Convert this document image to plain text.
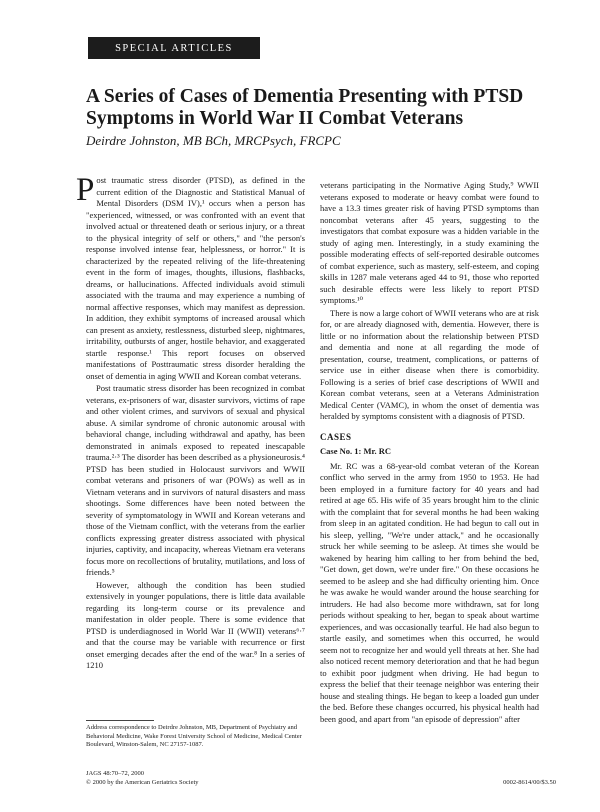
SPECIAL ARTICLES
A Series of Cases of Dementia Presenting with PTSD Symptoms in World War II Combat Veterans
Deirdre Johnston, MB BCh, MRCPsych, FRCPC

Post traumatic stress disorder (PTSD), as defined in the current edition of the Diagnostic and Statistical Manual of Mental Disorders (DSM IV),¹ occurs when a person has "experienced, witnessed, or was confronted with an event that involved actual or threatened death or serious injury, or a threat to the physical integrity of self or others," and "the person's response involved intense fear, helplessness, or horror." It is characterized by the repeated reliving of the life-threatening event in the form of images, thoughts, illusions, flashbacks, dreams, or hallucinations. Affected individuals avoid stimuli associated with the trauma and may experience a numbing of normal affective responses, which may manifest as depression. In addition, they exhibit symptoms of increased arousal which can present as anxiety, restlessness, disturbed sleep, nightmares, irritability, outbursts of anger, hostile behavior, and exaggerated startle response.¹ This report focuses on observed manifestations of Posttraumatic stress disorder heralding the onset of dementia in aging WWII and Korean combat veterans.

Post traumatic stress disorder has been recognized in combat veterans, ex-prisoners of war, disaster survivors, victims of rape and other violent crimes, and survivors of sexual and physical abuse. A similar syndrome of chronic autonomic arousal with behavioral change, including withdrawal and apathy, has been demonstrated in animals exposed to repeated inescapable trauma.²·³ The disorder has been described as a physioneurosis.⁴ PTSD has been studied in Holocaust survivors and WWII combat veterans and prisoners of war (POWs) as well as in Vietnam veterans and in survivors of natural disasters and mass shootings. Some differences have been noted between the severity of symptomatology in WWII and Korean veterans and those of the Vietnam conflict, with the veterans from the earlier conflicts expressing greater distress associated with physical injuries, captivity, and incapacity, whereas Vietnam era veterans focus more on recollections of brutality, mutilations, and loss of friends.⁵

However, although the condition has been studied extensively in younger populations, there is little data available regarding its long-term course or its prevalence and manifestation in older people. There is some evidence that PTSD is underdiagnosed in World War II (WWII) veterans⁶·⁷ and that the course may be variable with recurrence or first onset emerging decades after the end of the war.⁸ In a series of 1210

Address correspondence to Deirdre Johnston, MB, Department of Psychiatry and Behavioral Medicine, Wake Forest University School of Medicine, Medical Center Boulevard, Winston-Salem, NC 27157-1087.

veterans participating in the Normative Aging Study,⁹ WWII veterans exposed to moderate or heavy combat were found to have a 13.3 times greater risk of having PTSD symptoms than noncombat veterans after 45 years, suggesting to the investigators that combat exposure was a hidden variable in the study of aging men. Interestingly, in a study examining the possible moderating effects of self-reported desirable outcomes of combat experience, such as mastery, self-esteem, and coping skills in 1287 male veterans aged 44 to 91, those who reported such desirable effects were less likely to report PTSD symptoms.¹⁰

There is now a large cohort of WWII veterans who are at risk for, or are already diagnosed with, dementia. However, there is little or no information about the relationship between PTSD and dementia and none at all regarding the mode of presentation, course, treatment, complications, or patterns of service use in either disease when there is comorbidity. Following is a series of brief case descriptions of WWII and Korean combat veterans, seen at a Veterans Administration Medical Center (VAMC), in whom the onset of dementia was heralded by symptoms consistent with a diagnosis of PTSD.

CASES
Case No. 1: Mr. RC

Mr. RC was a 68-year-old combat veteran of the Korean conflict who served in the army from 1950 to 1953. He had been employed in a furniture factory for 40 years and had retired at age 65. His wife of 35 years brought him to the clinic with the complaint that for several months he had been waking from sleep in an agitated condition. He had begun to call out in his sleep, yelling, "We're under attack," and he occasionally struck her while seeming to be asleep. At times she would be wakened by hearing him calling to her from behind the bed, "Get down, get down, we're under fire." On these occasions he seemed to be asleep and she had difficulty orienting him. Once he was awake he would wander around the house searching for intruders. He had also become more withdrawn, sat for long periods without speaking to her, began to speak about wartime experiences, and was occasionally tearful. He had also begun to startle easily, and sometimes when this occurred, he would seem not to recognize her and would yell threats at her. She had also noticed recent memory deterioration and that he had begun to exhibit poor judgment when driving. He had begun to express the belief that their teenage neighbor was entering their house and stealing things. He began to keep a loaded gun under the bed. Before these changes occurred, his physical health had been good, and apart from "an episode of depression" after

JAGS 48:70–72, 2000
© 2000 by the American Geriatrics Society	0002-8614/00/$3.50
